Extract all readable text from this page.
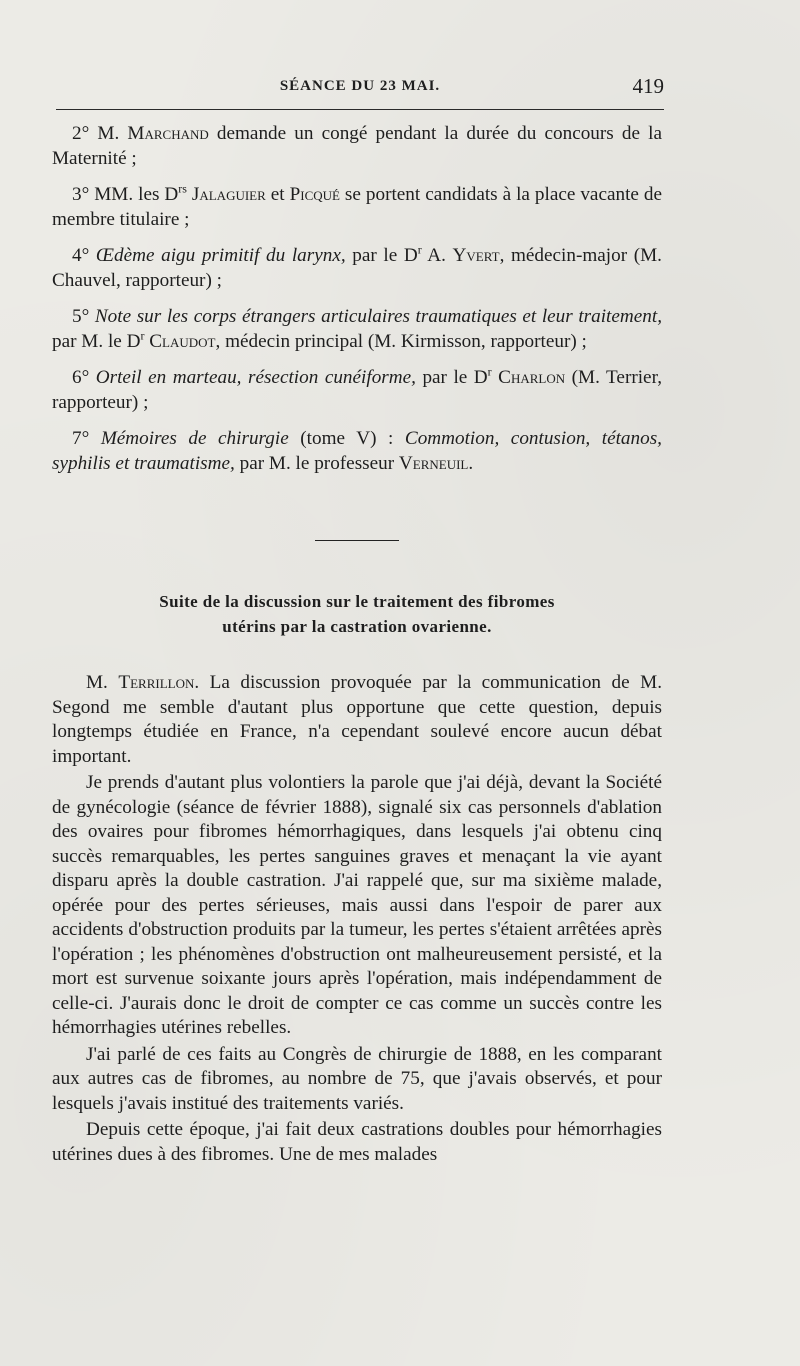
SÉANCE DU 23 MAI.	419

2° M. Marchand demande un congé pendant la durée du concours de la Maternité ;

3° MM. les $D^{rs}$ Jalaguier et Picqué se portent candidats à la place vacante de membre titulaire ;

4° Œdème aigu primitif du larynx, par le $D^r$ A. Yvert, médecin-major (M. Chauvel, rapporteur) ;

5° Note sur les corps étrangers articulaires traumatiques et leur traitement, par M. le $D^r$ Claudot, médecin principal (M. Kirmisson, rapporteur) ;

6° Orteil en marteau, résection cunéiforme, par le $D^r$ Charlon (M. Terrier, rapporteur) ;

7° Mémoires de chirurgie (tome V) : Commotion, contusion, tétanos, syphilis et traumatisme, par M. le professeur Verneuil.

Suite de la discussion sur le traitement des fibromes
utérins par la castration ovarienne.

M. Terrillon. La discussion provoquée par la communication de M. Segond me semble d'autant plus opportune que cette question, depuis longtemps étudiée en France, n'a cependant soulevé encore aucun débat important.

Je prends d'autant plus volontiers la parole que j'ai déjà, devant la Société de gynécologie (séance de février 1888), signalé six cas personnels d'ablation des ovaires pour fibromes hémorrhagiques, dans lesquels j'ai obtenu cinq succès remarquables, les pertes sanguines graves et menaçant la vie ayant disparu après la double castration. J'ai rappelé que, sur ma sixième malade, opérée pour des pertes sérieuses, mais aussi dans l'espoir de parer aux accidents d'obstruction produits par la tumeur, les pertes s'étaient arrêtées après l'opération ; les phénomènes d'obstruction ont malheureusement persisté, et la mort est survenue soixante jours après l'opération, mais indépendamment de celle-ci. J'aurais donc le droit de compter ce cas comme un succès contre les hémorrhagies utérines rebelles.

J'ai parlé de ces faits au Congrès de chirurgie de 1888, en les comparant aux autres cas de fibromes, au nombre de 75, que j'avais observés, et pour lesquels j'avais institué des traitements variés.

Depuis cette époque, j'ai fait deux castrations doubles pour hémorrhagies utérines dues à des fibromes. Une de mes malades
